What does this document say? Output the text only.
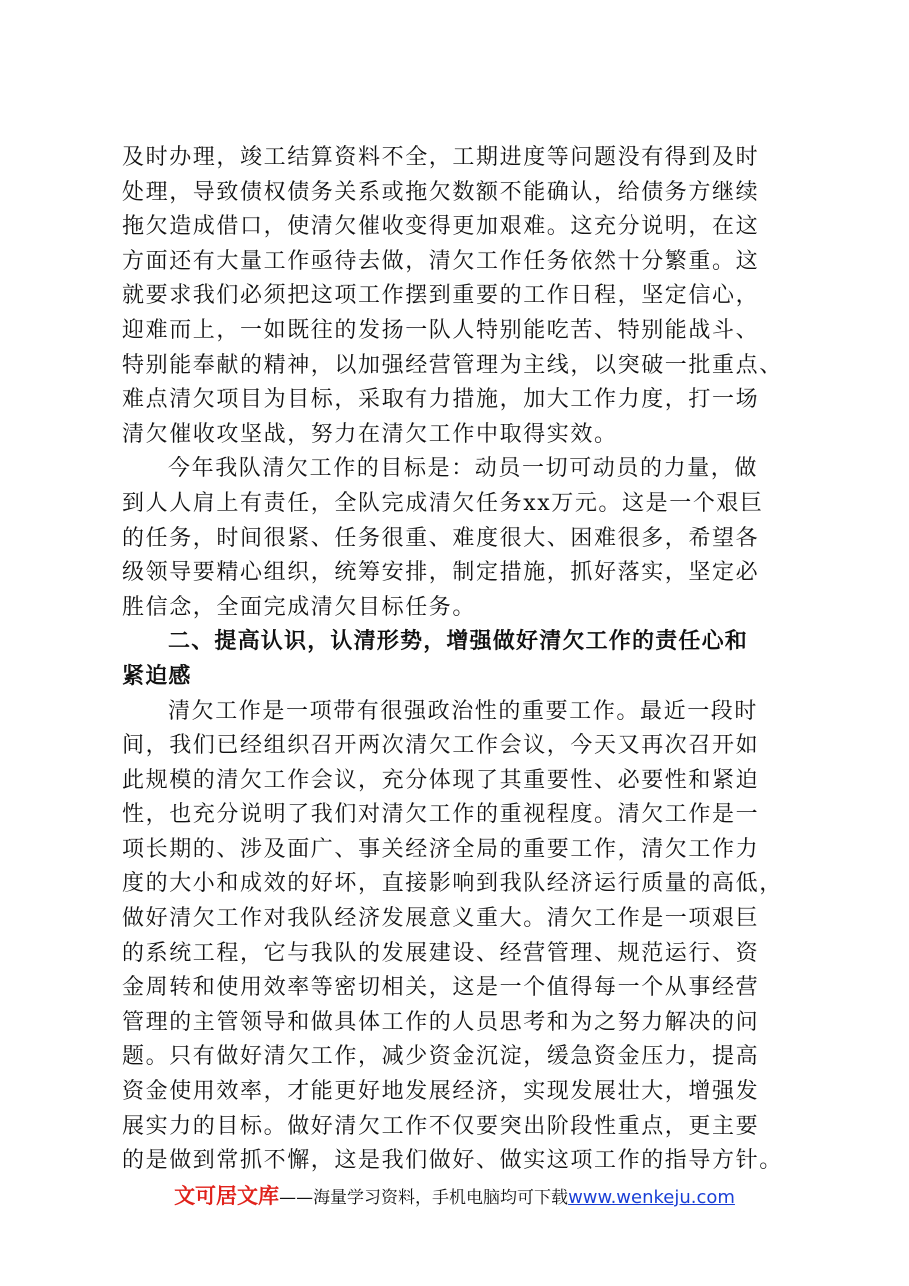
及时办理，竣工结算资料不全，工期进度等问题没有得到及时
处理，导致债权债务关系或拖欠数额不能确认，给债务方继续
拖欠造成借口，使清欠催收变得更加艰难。这充分说明，在这
方面还有大量工作亟待去做，清欠工作任务依然十分繁重。这
就要求我们必须把这项工作摆到重要的工作日程，坚定信心，
迎难而上，一如既往的发扬一队人特别能吃苦、特别能战斗、
特别能奉献的精神，以加强经营管理为主线，以突破一批重点、
难点清欠项目为目标，采取有力措施，加大工作力度，打一场
清欠催收攻坚战，努力在清欠工作中取得实效。
今年我队清欠工作的目标是：动员一切可动员的力量，做
到人人肩上有责任，全队完成清欠任务xx万元。这是一个艰巨
的任务，时间很紧、任务很重、难度很大、困难很多，希望各
级领导要精心组织，统筹安排，制定措施，抓好落实，坚定必
胜信念，全面完成清欠目标任务。
二、提高认识，认清形势，增强做好清欠工作的责任心和
紧迫感
清欠工作是一项带有很强政治性的重要工作。最近一段时
间，我们已经组织召开两次清欠工作会议，今天又再次召开如
此规模的清欠工作会议，充分体现了其重要性、必要性和紧迫
性，也充分说明了我们对清欠工作的重视程度。清欠工作是一
项长期的、涉及面广、事关经济全局的重要工作，清欠工作力
度的大小和成效的好坏，直接影响到我队经济运行质量的高低，
做好清欠工作对我队经济发展意义重大。清欠工作是一项艰巨
的系统工程，它与我队的发展建设、经营管理、规范运行、资
金周转和使用效率等密切相关，这是一个值得每一个从事经营
管理的主管领导和做具体工作的人员思考和为之努力解决的问
题。只有做好清欠工作，减少资金沉淀，缓急资金压力，提高
资金使用效率，才能更好地发展经济，实现发展壮大，增强发
展实力的目标。做好清欠工作不仅要突出阶段性重点，更主要
的是做到常抓不懈，这是我们做好、做实这项工作的指导方针。
文可居文库——海量学习资料，手机电脑均可下载www.wenkeju.com
